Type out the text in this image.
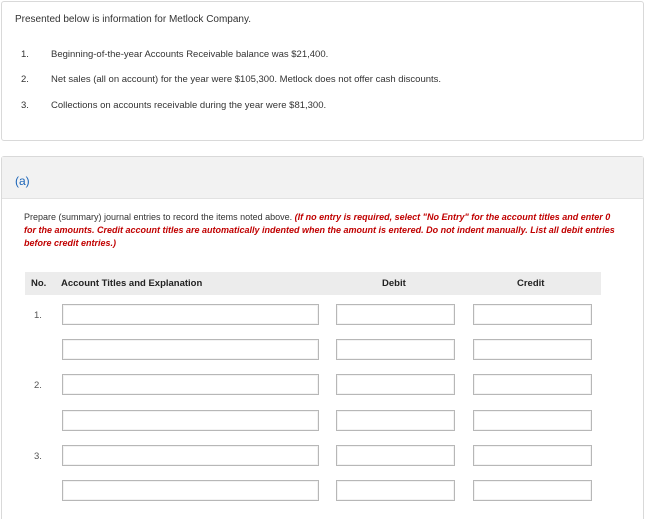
Presented below is information for Metlock Company.
1. Beginning-of-the-year Accounts Receivable balance was $21,400.
2. Net sales (all on account) for the year were $105,300. Metlock does not offer cash discounts.
3. Collections on accounts receivable during the year were $81,300.
(a)
Prepare (summary) journal entries to record the items noted above. (If no entry is required, select "No Entry" for the account titles and enter 0 for the amounts. Credit account titles are automatically indented when the amount is entered. Do not indent manually. List all debit entries before credit entries.)
No. Account Titles and Explanation	Debit	Credit
1.
2.
3.
